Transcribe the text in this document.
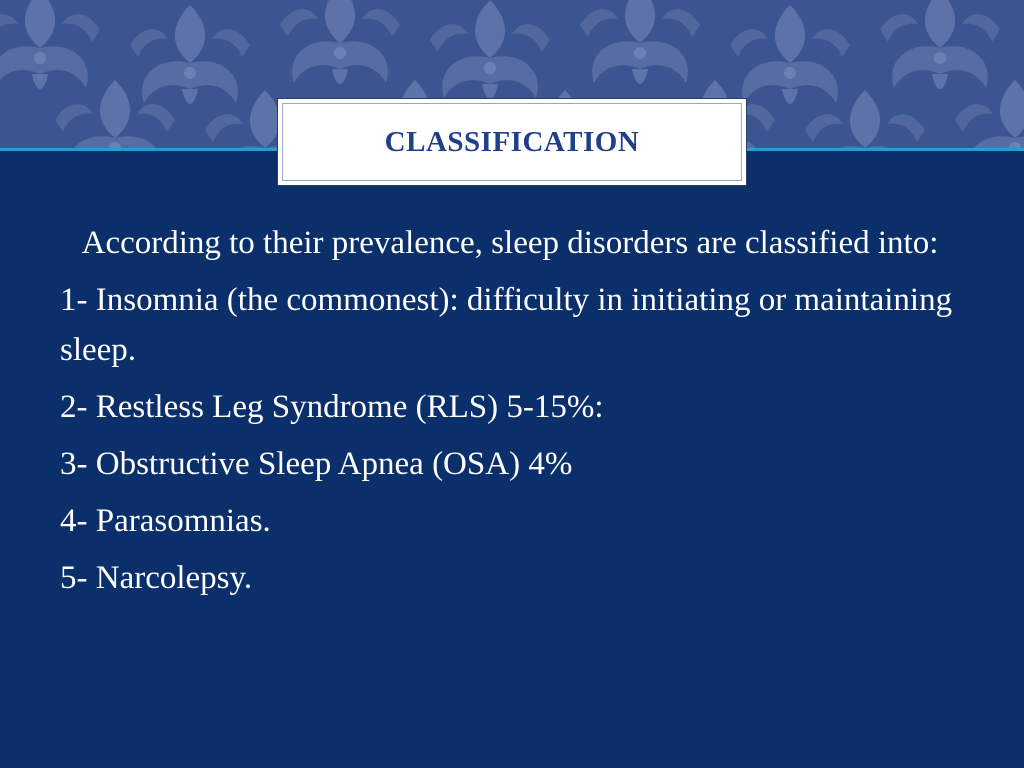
CLASSIFICATION
According to their prevalence, sleep disorders are classified into:
1- Insomnia (the commonest): difficulty in initiating or maintaining sleep.
2- Restless Leg Syndrome (RLS) 5-15%:
3- Obstructive Sleep Apnea (OSA) 4%
4- Parasomnias.
5- Narcolepsy.
